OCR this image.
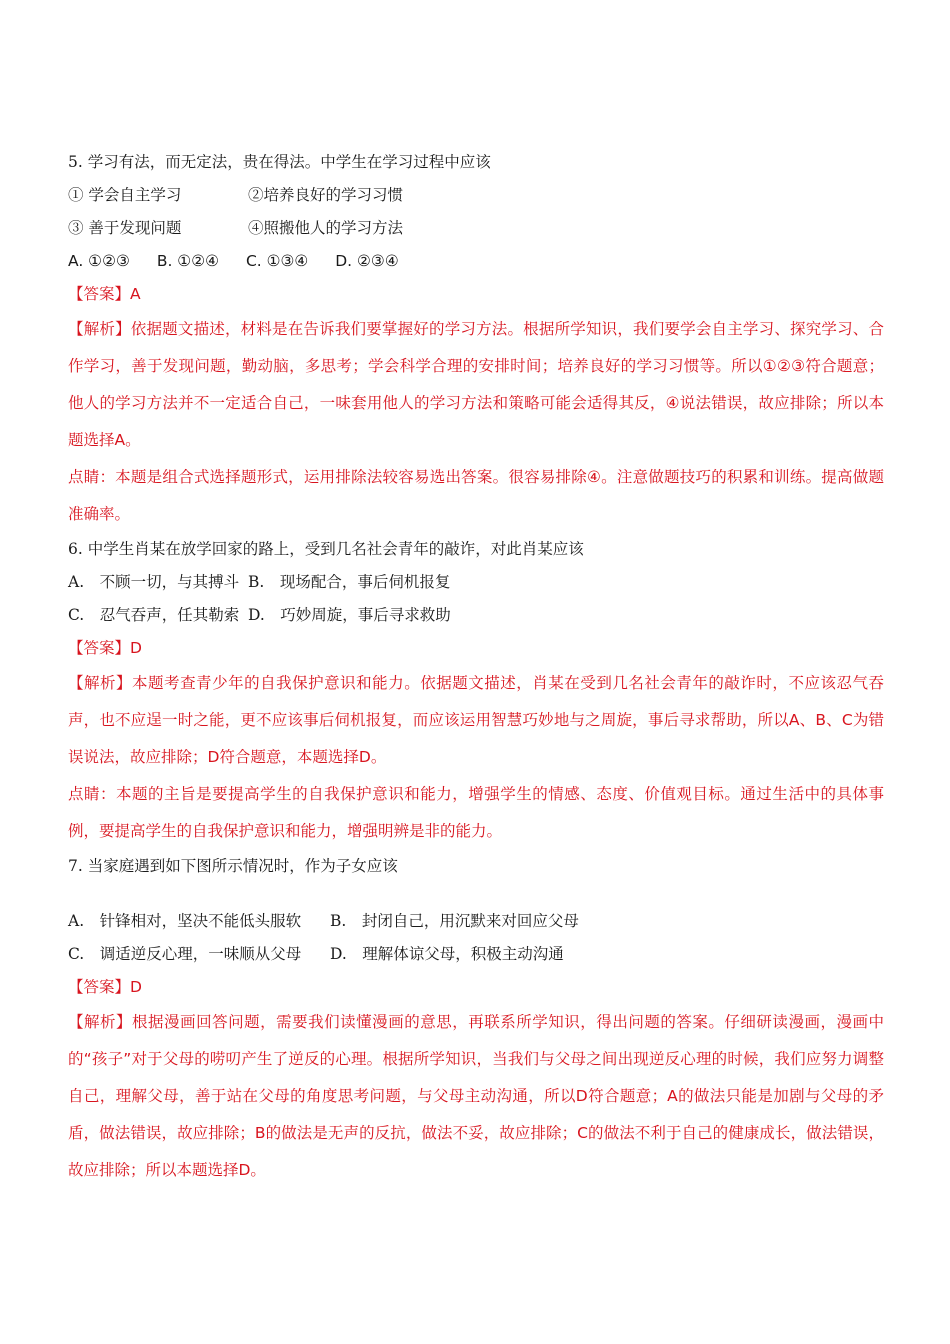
5. 学习有法，而无定法，贵在得法。中学生在学习过程中应该
① 学会自主学习	②培养良好的学习习惯
③ 善于发现问题	④照搬他人的学习方法
A. ①②③ B. ①②④ C. ①③④ D. ②③④
【答案】A
【解析】依据题文描述，材料是在告诉我们要掌握好的学习方法。根据所学知识，我们要学会自主学习、探究学习、合作学习，善于发现问题，勤动脑，多思考；学会科学合理的安排时间；培养良好的学习习惯等。所以①②③符合题意；他人的学习方法并不一定适合自己，一味套用他人的学习方法和策略可能会适得其反，④说法错误，故应排除；所以本题选择A。
点睛：本题是组合式选择题形式，运用排除法较容易选出答案。很容易排除④。注意做题技巧的积累和训练。提高做题准确率。
6. 中学生肖某在放学回家的路上，受到几名社会青年的敲诈，对此肖某应该
A.　不顾一切，与其搏斗 B.　现场配合，事后伺机报复
C.　忍气吞声，任其勒索 D.　巧妙周旋，事后寻求救助
【答案】D
【解析】本题考查青少年的自我保护意识和能力。依据题文描述，肖某在受到几名社会青年的敲诈时，不应该忍气吞声，也不应逞一时之能，更不应该事后伺机报复，而应该运用智慧巧妙地与之周旋，事后寻求帮助，所以A、B、C为错误说法，故应排除；D符合题意，本题选择D。
点睛：本题的主旨是要提高学生的自我保护意识和能力，增强学生的情感、态度、价值观目标。通过生活中的具体事例，要提高学生的自我保护意识和能力，增强明辨是非的能力。
7. 当家庭遇到如下图所示情况时，作为子女应该
A.　针锋相对，坚决不能低头服软	B.　封闭自己，用沉默来对回应父母
C.　调适逆反心理，一味顺从父母	D.　理解体谅父母，积极主动沟通
【答案】D
【解析】根据漫画回答问题，需要我们读懂漫画的意思，再联系所学知识，得出问题的答案。仔细研读漫画，漫画中的“孩子”对于父母的唠叨产生了逆反的心理。根据所学知识，当我们与父母之间出现逆反心理的时候，我们应努力调整自己，理解父母，善于站在父母的角度思考问题，与父母主动沟通，所以D符合题意；A的做法只能是加剧与父母的矛盾，做法错误，故应排除；B的做法是无声的反抗，做法不妥，故应排除；C的做法不利于自己的健康成长，做法错误，故应排除；所以本题选择D。
